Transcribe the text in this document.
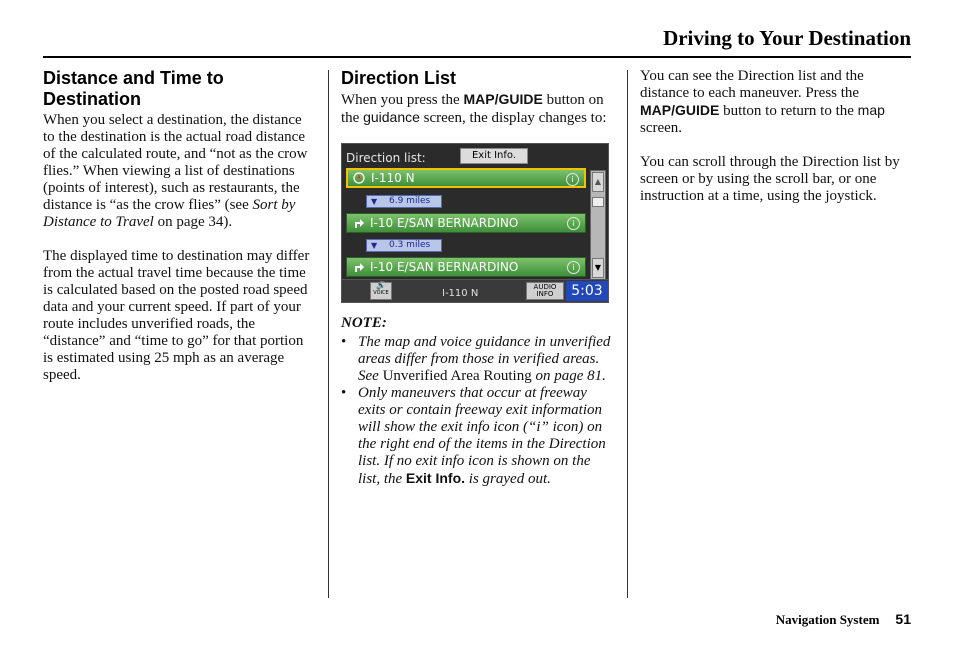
Driving to Your Destination
Distance and Time to Destination

When you select a destination, the distance to the destination is the actual road distance of the calculated route, and “not as the crow flies.” When viewing a list of destinations (points of interest), such as restaurants, the distance is “as the crow flies” (see Sort by Distance to Travel on page 34).

The displayed time to destination may differ from the actual travel time because the time is calculated based on the posted road speed data and your current speed. If part of your route includes unverified roads, the “distance” and “time to go” for that portion is estimated using 25 mph as an average speed.

Direction List

When you press the MAP/GUIDE button on the guidance screen, the display changes to:

Direction list:	Exit Info.
I-110 N	i
▼ 6.9 miles
I-10 E/SAN BERNARDINO	i
▼ 0.3 miles
I-10 E/SAN BERNARDINO	i
▲
▼
🔊
VOICE	I-110 N
AUDIO INFO	5:03
NOTE:
• The map and voice guidance in unverified areas differ from those in verified areas. See Unverified Area Routing on page 81.
• Only maneuvers that occur at freeway exits or contain freeway exit information will show the exit info icon (“i” icon) on the right end of the items in the Direction list. If no exit info icon is shown on the list, the Exit Info. is grayed out.

You can see the Direction list and the distance to each maneuver. Press the MAP/GUIDE button to return to the map screen.

You can scroll through the Direction list by screen or by using the scroll bar, or one instruction at a time, using the joystick.

Navigation System 51
